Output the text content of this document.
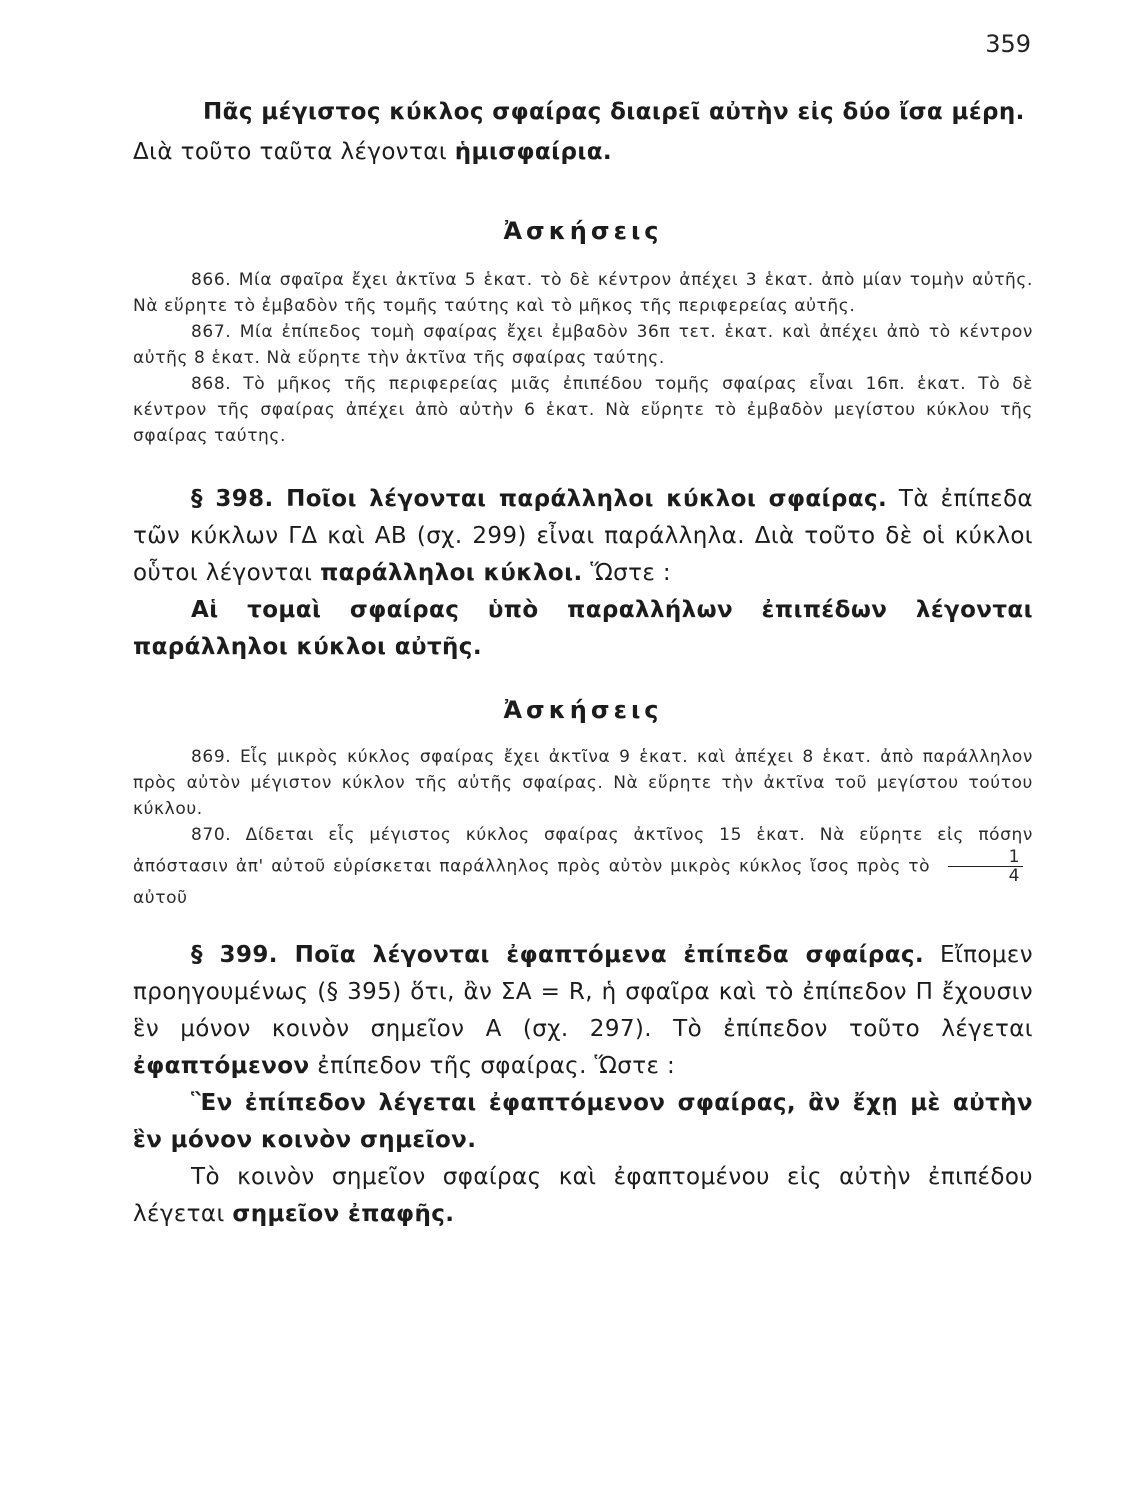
359

Πᾶς μέγιστος κύκλος σφαίρας διαιρεῖ αὐτὴν εἰς δύο ἴσα μέρη.

Διὰ τοῦτο ταῦτα λέγονται ἡμισφαίρια.

Ἀσκήσεις

866. Μία σφαῖρα ἔχει ἀκτῖνα 5 ἑκατ. τὸ δὲ κέντρον ἀπέχει 3 ἑκατ. ἀπὸ μίαν τομὴν αὐτῆς. Νὰ εὕρητε τὸ ἐμβαδὸν τῆς τομῆς ταύτης καὶ τὸ μῆκος τῆς περιφερείας αὐτῆς.

867. Μία ἐπίπεδος τομὴ σφαίρας ἔχει ἐμβαδὸν 36π τετ. ἑκατ. καὶ ἀπέχει ἀπὸ τὸ κέντρον αὐτῆς 8 ἑκατ. Νὰ εὕρητε τὴν ἀκτῖνα τῆς σφαίρας ταύτης.

868. Τὸ μῆκος τῆς περιφερείας μιᾶς ἐπιπέδου τομῆς σφαίρας εἶναι 16π. ἑκατ. Τὸ δὲ κέντρον τῆς σφαίρας ἀπέχει ἀπὸ αὐτὴν 6 ἑκατ. Νὰ εὕρητε τὸ ἐμβαδὸν μεγίστου κύκλου τῆς σφαίρας ταύτης.

§ 398. Ποῖοι λέγονται παράλληλοι κύκλοι σφαίρας. Τὰ ἐπίπεδα τῶν κύκλων ΓΔ καὶ ΑΒ (σχ. 299) εἶναι παράλληλα. Διὰ τοῦτο δὲ οἱ κύκλοι οὗτοι λέγονται παράλληλοι κύκλοι. Ὥστε :

Αἱ τομαὶ σφαίρας ὑπὸ παραλλήλων ἐπιπέδων λέγονται παράλληλοι κύκλοι αὐτῆς.

Ἀσκήσεις

869. Εἷς μικρὸς κύκλος σφαίρας ἔχει ἀκτῖνα 9 ἑκατ. καὶ ἀπέχει 8 ἑκατ. ἀπὸ παράλληλον πρὸς αὐτὸν μέγιστον κύκλον τῆς αὐτῆς σφαίρας. Νὰ εὕρητε τὴν ἀκτῖνα τοῦ μεγίστου τούτου κύκλου.

870. Δίδεται εἷς μέγιστος κύκλος σφαίρας ἀκτῖνος 15 ἑκατ. Νὰ εὕρητε εἰς πόσην ἀπόστασιν ἀπ' αὐτοῦ εὑρίσκεται παράλληλος πρὸς αὐτὸν μικρὸς κύκλος ἴσος πρὸς τὸ $\frac{1}{4}$
αὐτοῦ

§ 399. Ποῖα λέγονται ἐφαπτόμενα ἐπίπεδα σφαίρας. Εἴπομεν προηγουμένως (§ 395) ὅτι, ἂν ΣΑ = R, ἡ σφαῖρα καὶ τὸ ἐπίπεδον Π ἔχουσιν ἓν μόνον κοινὸν σημεῖον Α (σχ. 297). Τὸ ἐπίπεδον τοῦτο λέγεται ἐφαπτόμενον ἐπίπεδον τῆς σφαίρας. Ὥστε :

Ἓν ἐπίπεδον λέγεται ἐφαπτόμενον σφαίρας, ἂν ἔχῃ μὲ αὐτὴν ἓν μόνον κοινὸν σημεῖον.

Τὸ κοινὸν σημεῖον σφαίρας καὶ ἐφαπτομένου εἰς αὐτὴν ἐπιπέδου λέγεται σημεῖον ἐπαφῆς.
